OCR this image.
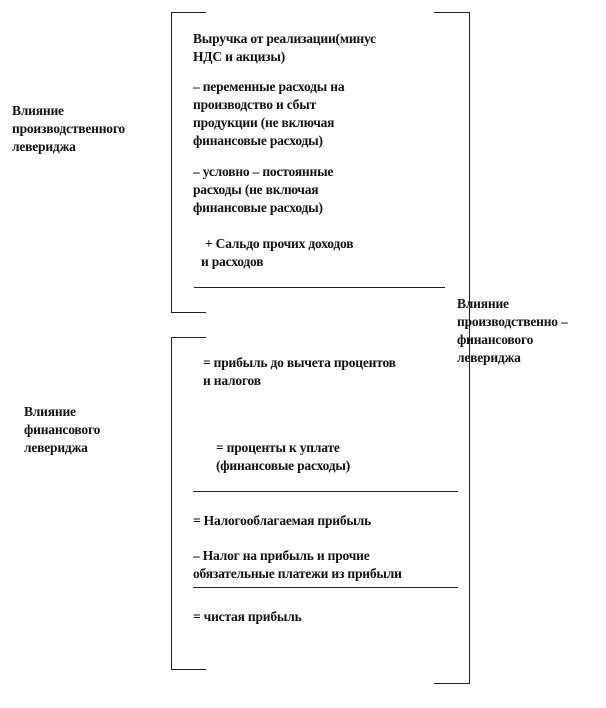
Влияние
производственного
левериджа
Влияние
производственно –
финансового
левериджа
Влияние
финансового
левериджа
Выручка от реализации(минус
НДС и акцизы)
– переменные расходы на
производство и сбыт
продукции (не включая
финансовые расходы)
– условно – постоянные
расходы (не включая
финансовые расходы)
+ Сальдо прочих доходов
и расходов
= прибыль до вычета процентов
и налогов
= проценты к уплате
(финансовые расходы)
= Налогооблагаемая прибыль
– Налог на прибыль и прочие
обязательные платежи из прибыли
= чистая прибыль
